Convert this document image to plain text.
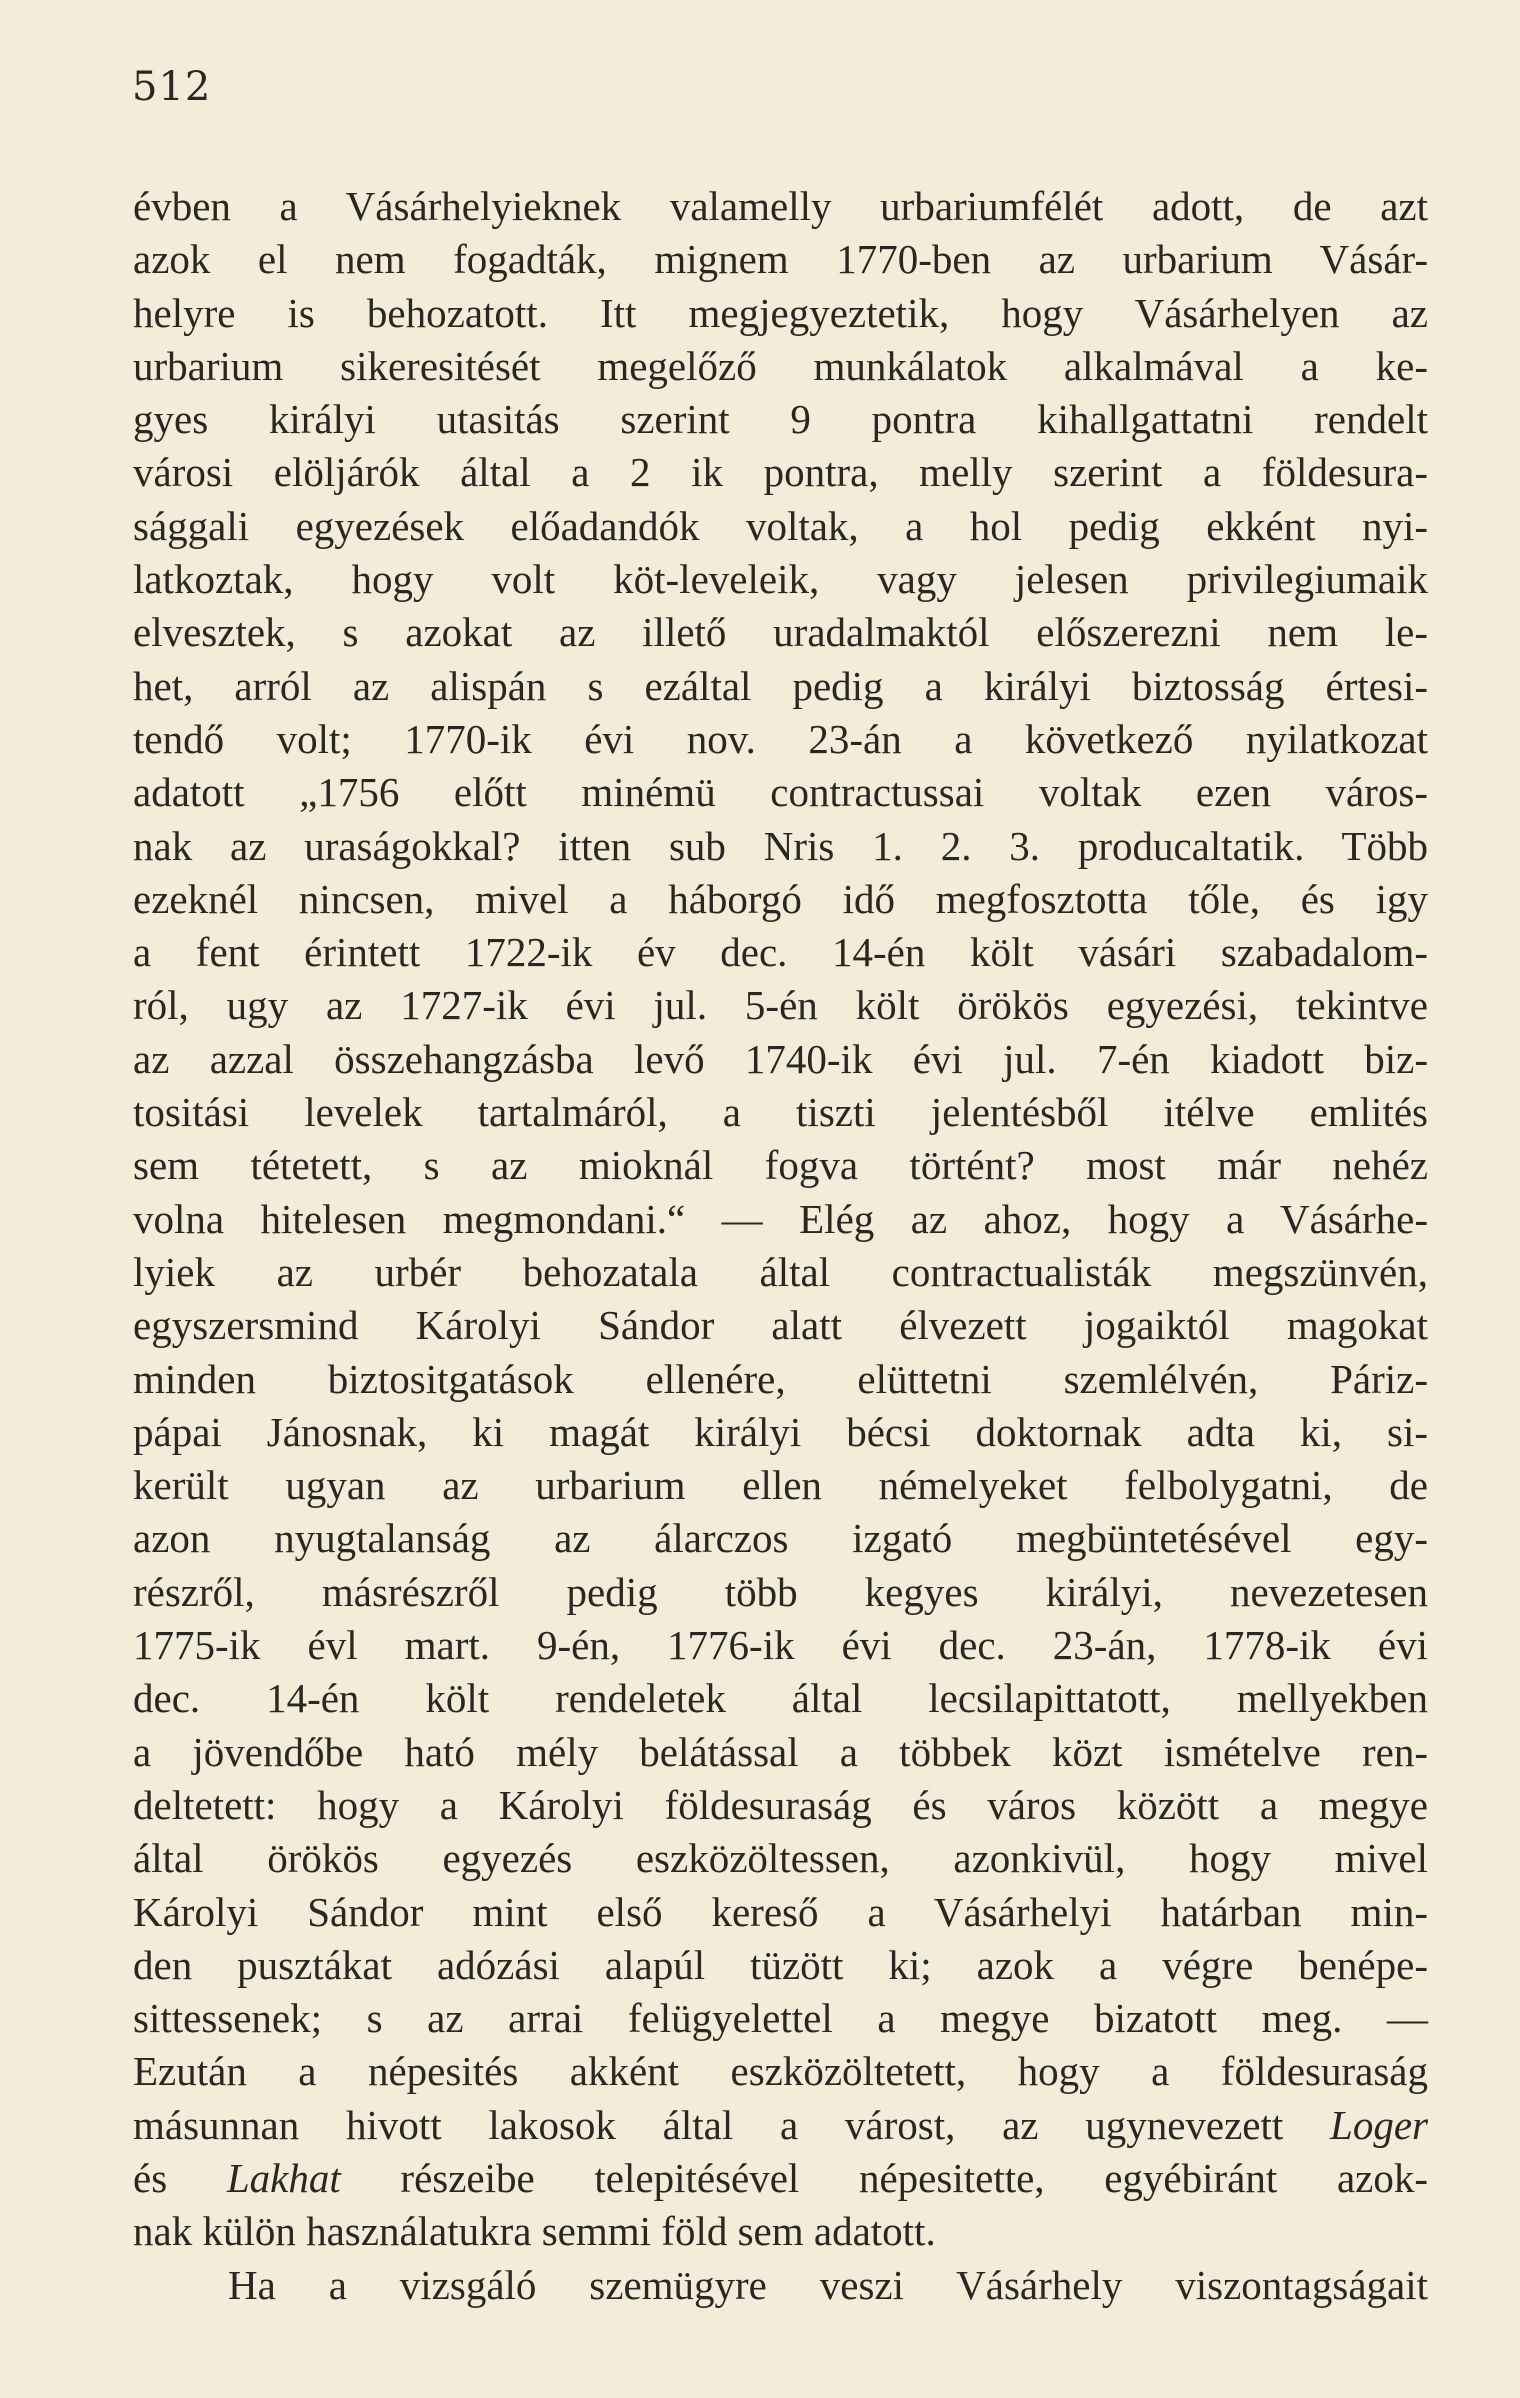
512
évben a Vásárhelyieknek valamelly urbariumfélét adott, de azt
azok el nem fogadták, mignem 1770-ben az urbarium Vásár-
helyre is behozatott. Itt megjegyeztetik, hogy Vásárhelyen az
urbarium sikeresitését megelőző munkálatok alkalmával a ke-
gyes királyi utasitás szerint 9 pontra kihallgattatni rendelt
városi elöljárók által a 2 ik pontra, melly szerint a földesura-
sággali egyezések előadandók voltak, a hol pedig ekként nyi-
latkoztak, hogy volt köt-leveleik, vagy jelesen privilegiumaik
elvesztek, s azokat az illető uradalmaktól előszerezni nem le-
het, arról az alispán s ezáltal pedig a királyi biztosság értesi-
tendő volt; 1770-ik évi nov. 23-án a következő nyilatkozat
adatott „1756 előtt minémü contractussai voltak ezen város-
nak az uraságokkal? itten sub Nris 1. 2. 3. producaltatik. Több
ezeknél nincsen, mivel a háborgó idő megfosztotta tőle, és igy
a fent érintett 1722-ik év dec. 14-én költ vásári szabadalom-
ról, ugy az 1727-ik évi jul. 5-én költ örökös egyezési, tekintve
az azzal összehangzásba levő 1740-ik évi jul. 7-én kiadott biz-
tositási levelek tartalmáról, a tiszti jelentésből itélve emlités
sem tétetett, s az mioknál fogva történt? most már nehéz
volna hitelesen megmondani.“ — Elég az ahoz, hogy a Vásárhe-
lyiek az urbér behozatala által contractualisták megszünvén,
egyszersmind Károlyi Sándor alatt élvezett jogaiktól magokat
minden biztositgatások ellenére, elüttetni szemlélvén, Páriz-
pápai Jánosnak, ki magát királyi bécsi doktornak adta ki, si-
került ugyan az urbarium ellen némelyeket felbolygatni, de
azon nyugtalanság az álarczos izgató megbüntetésével egy-
részről, másrészről pedig több kegyes királyi, nevezetesen
1775-ik évl mart. 9-én, 1776-ik évi dec. 23-án, 1778-ik évi
dec. 14-én költ rendeletek által lecsilapittatott, mellyekben
a jövendőbe ható mély belátással a többek közt ismételve ren-
deltetett: hogy a Károlyi földesuraság és város között a megye
által örökös egyezés eszközöltessen, azonkivül, hogy mivel
Károlyi Sándor mint első kereső a Vásárhelyi határban min-
den pusztákat adózási alapúl tüzött ki; azok a végre benépe-
sittessenek; s az arrai felügyelettel a megye bizatott meg. —
Ezután a népesités akként eszközöltetett, hogy a földesuraság
másunnan hivott lakosok által a várost, az ugynevezett Loger
és Lakhat részeibe telepitésével népesitette, egyébiránt azok-
nak külön használatukra semmi föld sem adatott.
Ha a vizsgáló szemügyre veszi Vásárhely viszontagságait
